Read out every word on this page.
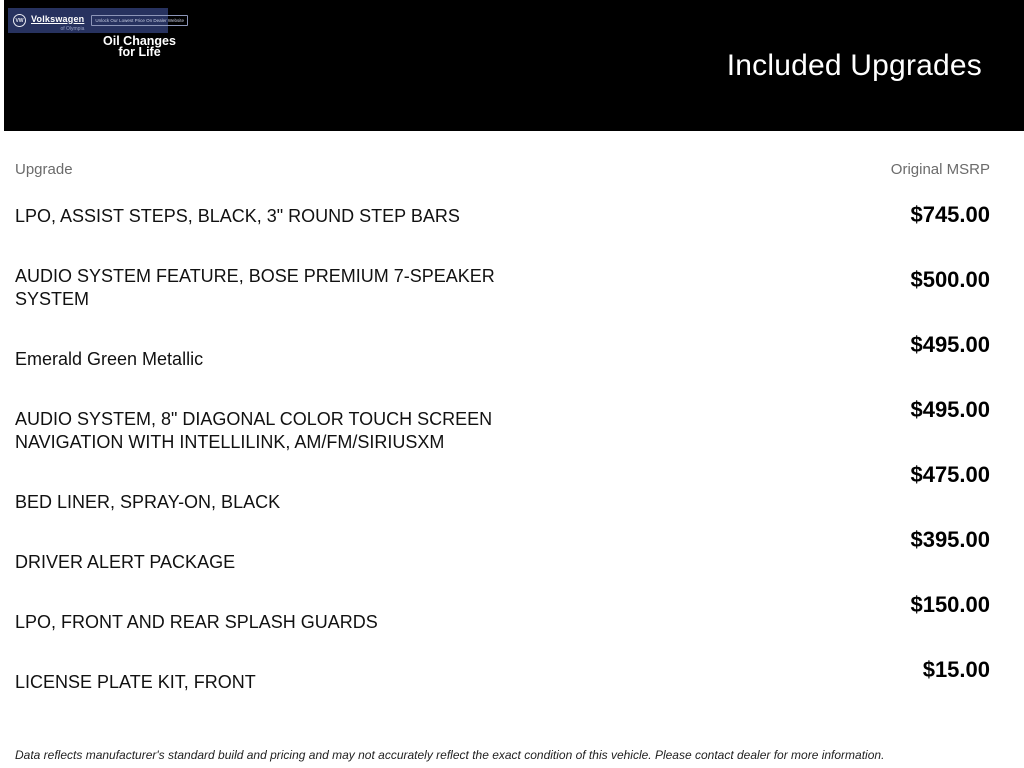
VW Volkswagen
of Olympia
Unlock Our Lowest Price On Dealer Website
Oil Changes
for Life	Included Upgrades
Upgrade	Original MSRP
LPO, ASSIST STEPS, BLACK, 3" ROUND STEP BARS
AUDIO SYSTEM FEATURE, BOSE PREMIUM 7-SPEAKER SYSTEM
Emerald Green Metallic
AUDIO SYSTEM, 8" DIAGONAL COLOR TOUCH SCREEN NAVIGATION WITH INTELLILINK, AM/FM/SIRIUSXM
BED LINER, SPRAY-ON, BLACK
DRIVER ALERT PACKAGE
LPO, FRONT AND REAR SPLASH GUARDS
LICENSE PLATE KIT, FRONT
$745.00
$500.00
$495.00
$495.00
$475.00
$395.00
$150.00
$15.00
Data reflects manufacturer's standard build and pricing and may not accurately reflect the exact condition of this vehicle. Please contact dealer for more information.
